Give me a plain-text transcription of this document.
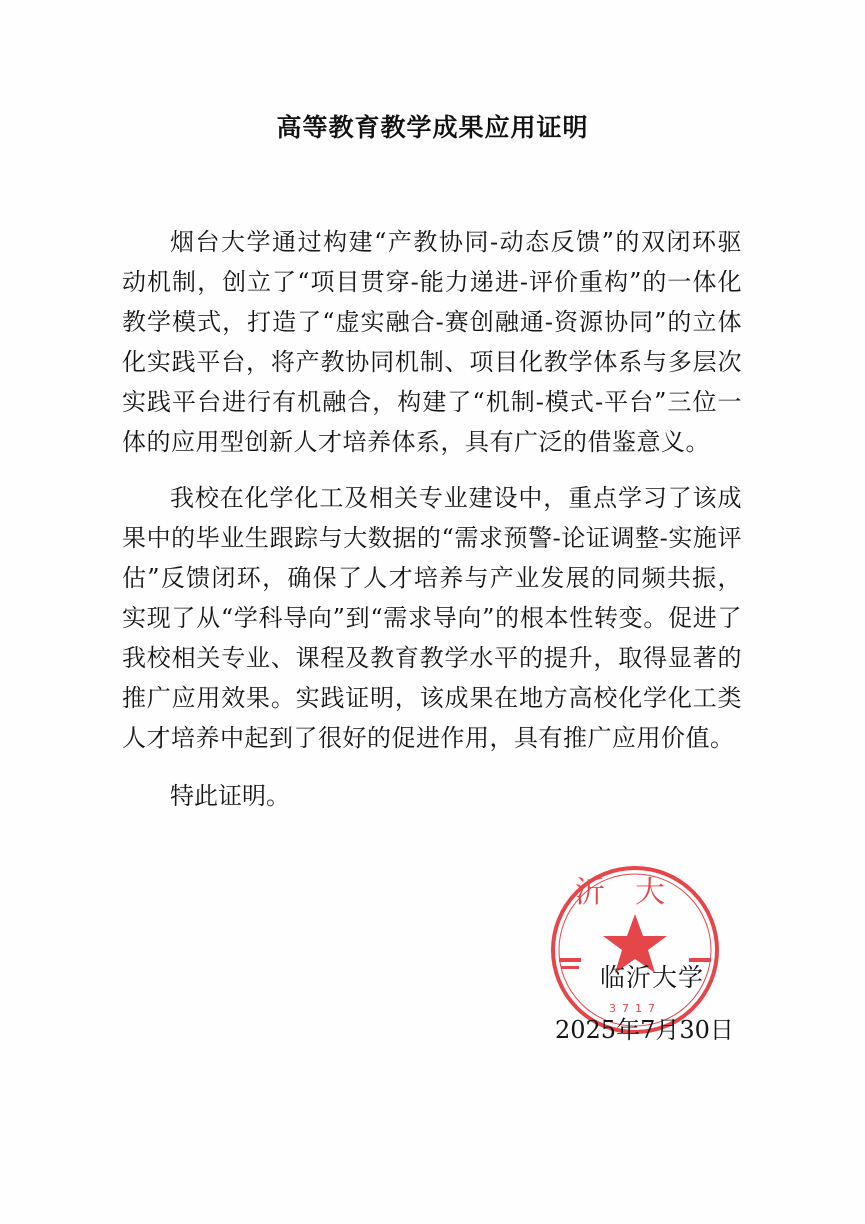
高等教育教学成果应用证明

烟台大学通过构建“产教协同-动态反馈”的双闭环驱动机制，创立了“项目贯穿-能力递进-评价重构”的一体化教学模式，打造了“虚实融合-赛创融通-资源协同”的立体化实践平台，将产教协同机制、项目化教学体系与多层次实践平台进行有机融合，构建了“机制-模式-平台”三位一体的应用型创新人才培养体系，具有广泛的借鉴意义。

我校在化学化工及相关专业建设中，重点学习了该成果中的毕业生跟踪与大数据的“需求预警-论证调整-实施评估”反馈闭环，确保了人才培养与产业发展的同频共振，实现了从“学科导向”到“需求导向”的根本性转变。促进了我校相关专业、课程及教育教学水平的提升，取得显著的推广应用效果。实践证明，该成果在地方高校化学化工类人才培养中起到了很好的促进作用，具有推广应用价值。

特此证明。

沂大
3717
临沂大学
2025年7月30日
